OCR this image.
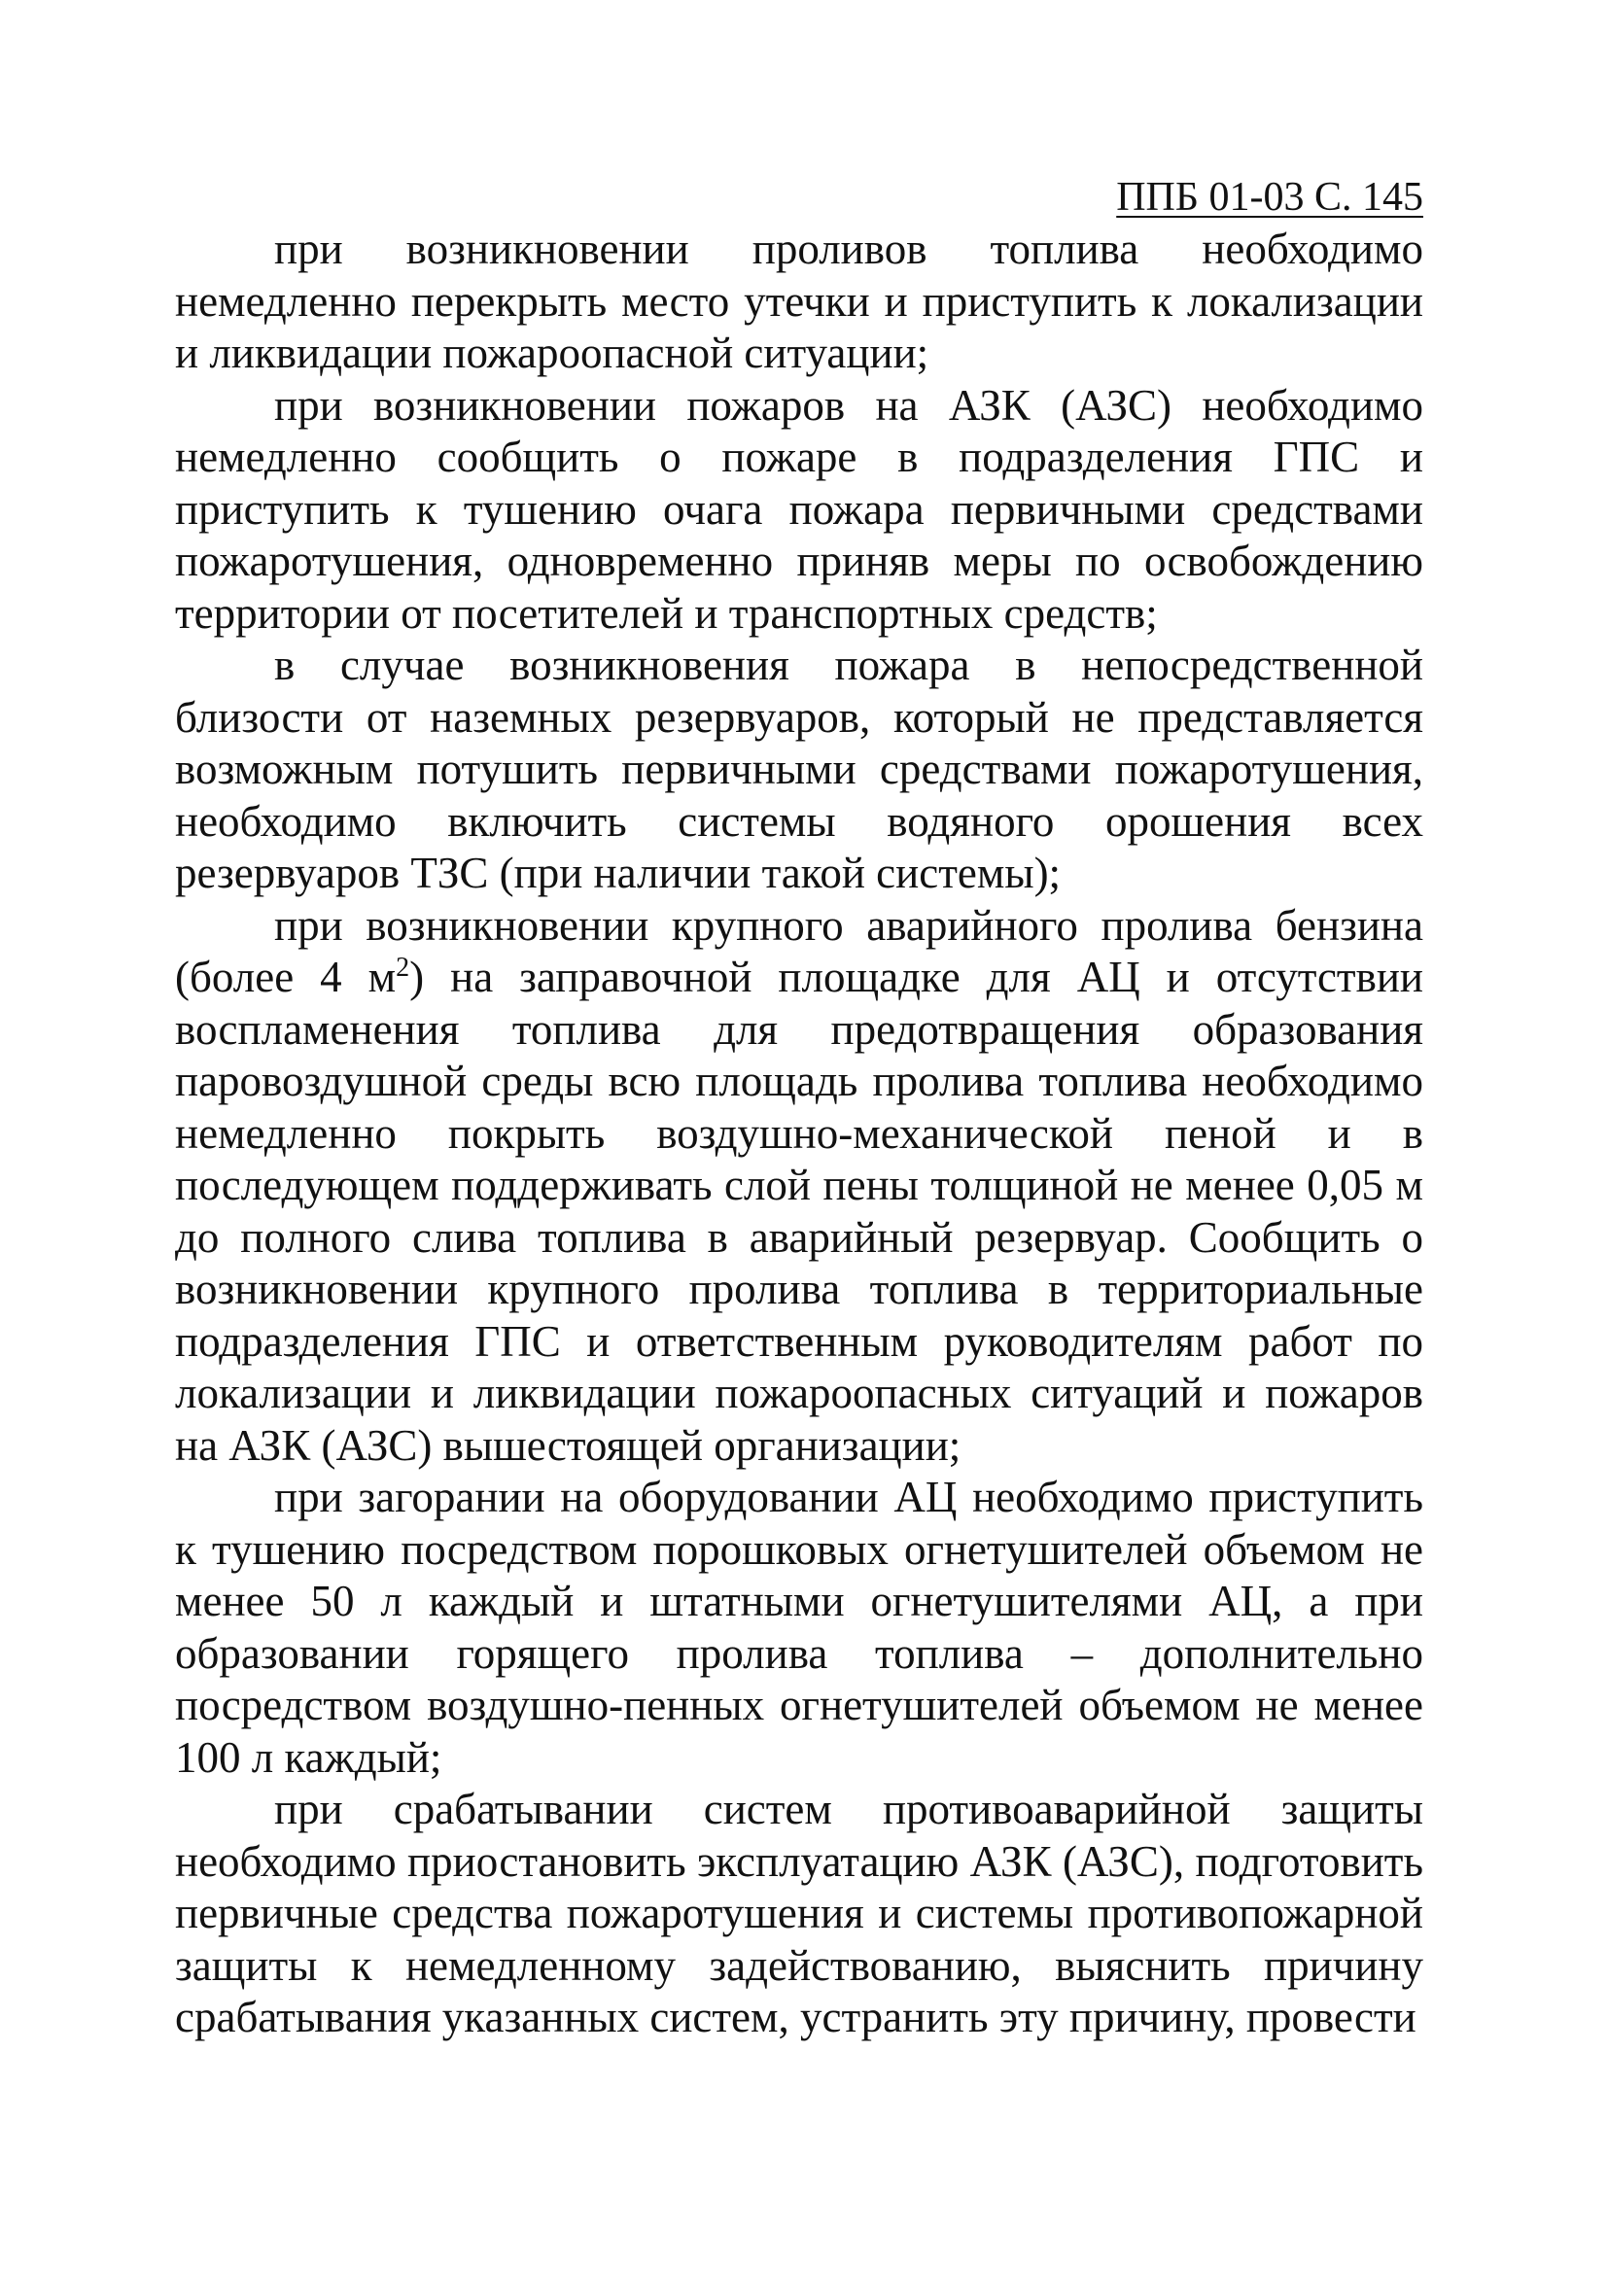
ППБ 01-03 С. 145

при возникновении проливов топлива необходимо немедленно перекрыть место утечки и приступить к локализации и ликвидации пожароопасной ситуации;

при возникновении пожаров на АЗК (АЗС) необходимо немедленно сообщить о пожаре в подразделения ГПС и приступить к тушению очага пожара первичными средствами пожаротушения, одновременно приняв меры по освобождению территории от посетителей и транспортных средств;

в случае возникновения пожара в непосредственной близости от наземных резервуаров, который не представляется возможным потушить первичными средствами пожаротушения, необходимо включить системы водяного орошения всех резервуаров ТЗС (при наличии такой системы);

при возникновении крупного аварийного пролива бензина (более 4 $м^2$) на заправочной площадке для АЦ и отсутствии воспламенения топлива для предотвращения образования паровоздушной среды всю площадь пролива топлива необходимо немедленно покрыть воздушно-механической пеной и в последующем поддерживать слой пены толщиной не менее 0,05 м до полного слива топлива в аварийный резервуар. Сообщить о возникновении крупного пролива топлива в территориальные подразделения ГПС и ответственным руководителям работ по локализации и ликвидации пожароопасных ситуаций и пожаров на АЗК (АЗС) вышестоящей организации;

при загорании на оборудовании АЦ необходимо приступить к тушению посредством порошковых огнетушителей объемом не менее 50 л каждый и штатными огнетушителями АЦ, а при образовании горящего пролива топлива – дополнительно посредством воздушно-пенных огнетушителей объемом не менее 100 л каждый;

при срабатывании систем противоаварийной защиты необходимо приостановить эксплуатацию АЗК (АЗС), подготовить первичные средства пожаротушения и системы противопожарной защиты к немедленному задействованию, выяснить причину срабатывания указанных систем, устранить эту причину, провести
